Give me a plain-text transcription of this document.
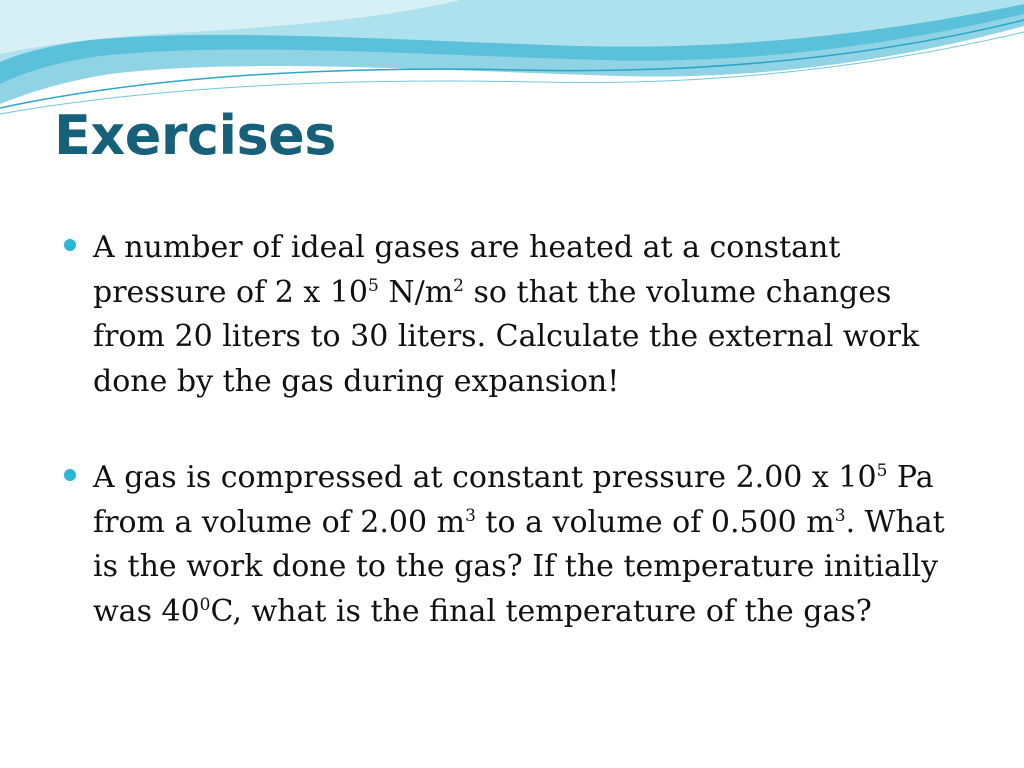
Exercises
A number of ideal gases are heated at a constant pressure of 2 x $10^5$ $N/m^2$ so that the volume changes from 20 liters to 30 liters. Calculate the external work done by the gas during expansion!
A gas is compressed at constant pressure 2.00 x $10^5$ Pa from a volume of 2.00 $m^3$ to a volume of 0.500 $m^3$. What is the work done to the gas? If the temperature initially was $40^0C$, what is the final temperature of the gas?
